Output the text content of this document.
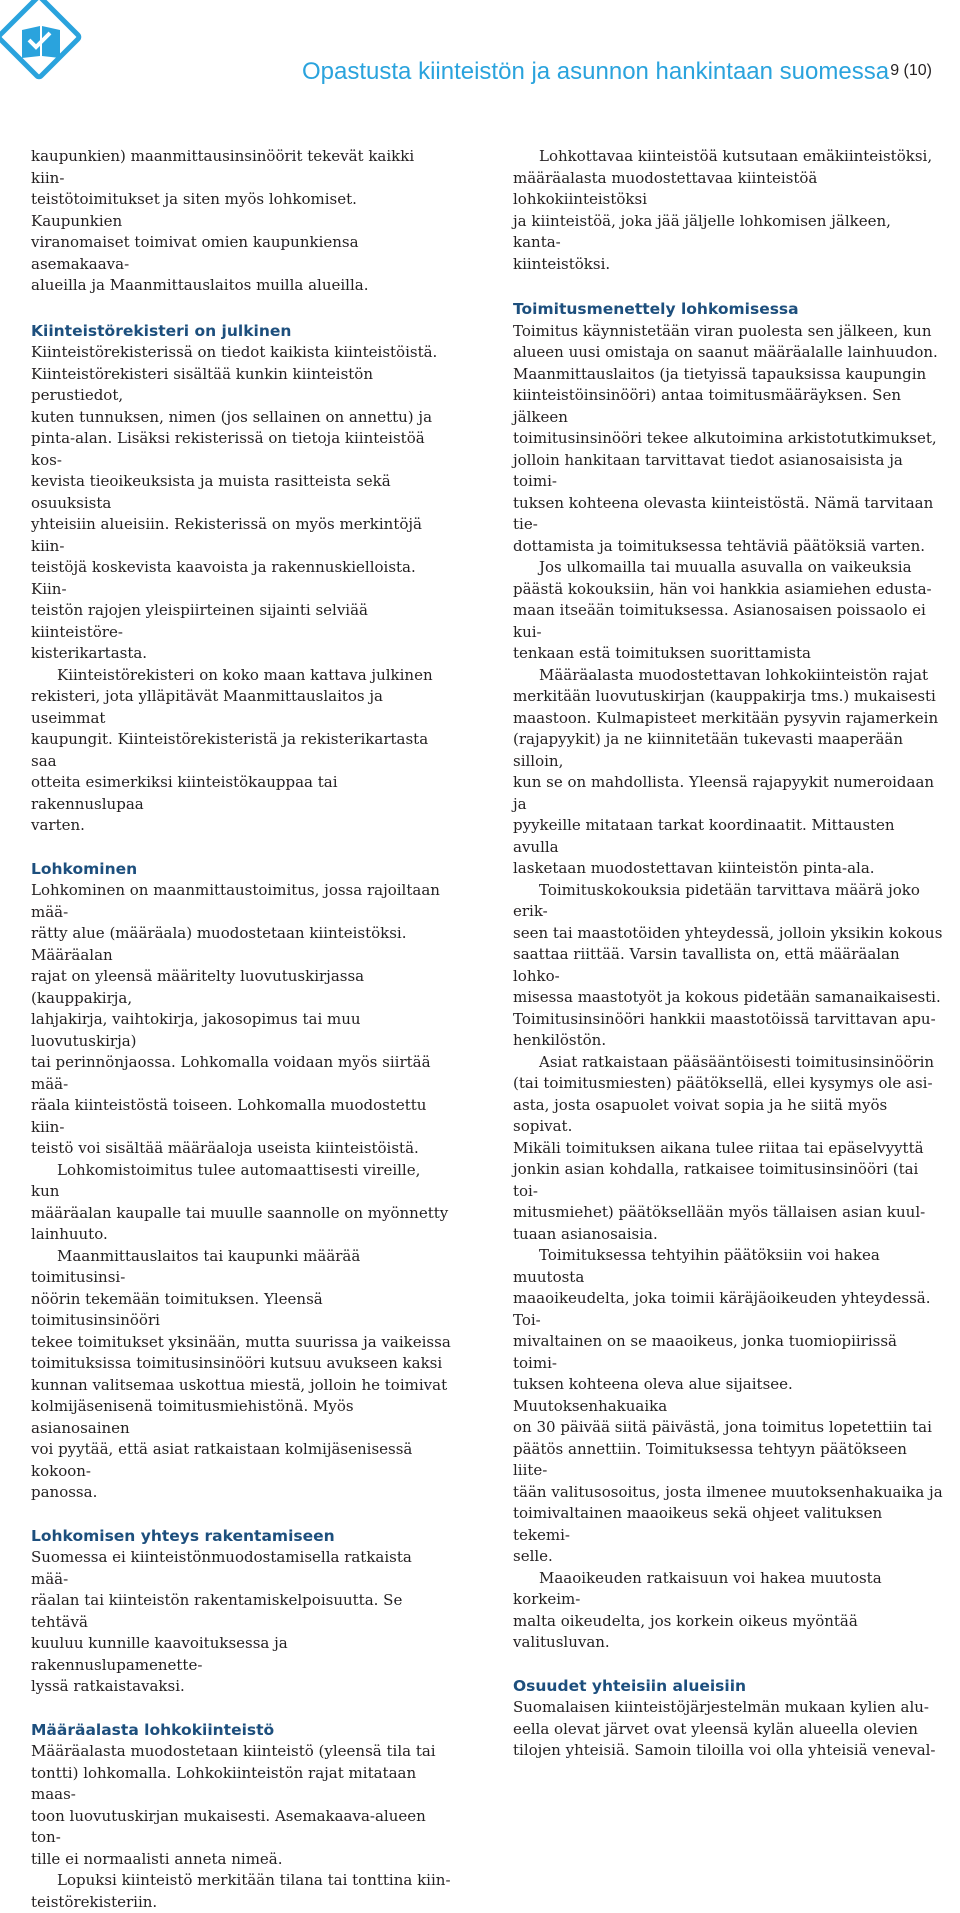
Opastusta kiinteistön ja asunnon hankintaan suomessa 9 (10)

kaupunkien) maanmittausinsinöörit tekevät kaikki kiin-
teistötoimitukset ja siten myös lohkomiset. Kaupunkien
viranomaiset toimivat omien kaupunkiensa asemakaava-
alueilla ja Maanmittauslaitos muilla alueilla.

Kiinteistörekisteri on julkinen

Kiinteistörekisterissä on tiedot kaikista kiinteistöistä.
Kiinteistörekisteri sisältää kunkin kiinteistön perustiedot,
kuten tunnuksen, nimen (jos sellainen on annettu) ja
pinta-alan. Lisäksi rekisterissä on tietoja kiinteistöä kos-
kevista tieoikeuksista ja muista rasitteista sekä osuuksista
yhteisiin alueisiin. Rekisterissä on myös merkintöjä kiin-
teistöjä koskevista kaavoista ja rakennuskielloista. Kiin-
teistön rajojen yleispiirteinen sijainti selviää kiinteistöre-
kisterikartasta.

Kiinteistörekisteri on koko maan kattava julkinen
rekisteri, jota ylläpitävät Maanmittauslaitos ja useimmat
kaupungit. Kiinteistörekisteristä ja rekisterikartasta saa
otteita esimerkiksi kiinteistökauppaa tai rakennuslupaa
varten.

Lohkominen

Lohkominen on maanmittaustoimitus, jossa rajoiltaan mää-
rätty alue (määräala) muodostetaan kiinteistöksi. Määräalan
rajat on yleensä määritelty luovutuskirjassa (kauppakirja,
lahjakirja, vaihtokirja, jakosopimus tai muu luovutuskirja)
tai perinnönjaossa. Lohkomalla voidaan myös siirtää mää-
räala kiinteistöstä toiseen. Lohkomalla muodostettu kiin-
teistö voi sisältää määräaloja useista kiinteistöistä.

Lohkomistoimitus tulee automaattisesti vireille, kun
määräalan kaupalle tai muulle saannolle on myönnetty
lainhuuto.

Maanmittauslaitos tai kaupunki määrää toimitusinsi-
nöörin tekemään toimituksen. Yleensä toimitusinsinööri
tekee toimitukset yksinään, mutta suurissa ja vaikeissa
toimituksissa toimitusinsinööri kutsuu avukseen kaksi
kunnan valitsemaa uskottua miestä, jolloin he toimivat
kolmijäsenisenä toimitusmiehistönä. Myös asianosainen
voi pyytää, että asiat ratkaistaan kolmijäsenisessä kokoon-
panossa.

Lohkomisen yhteys rakentamiseen

Suomessa ei kiinteistönmuodostamisella ratkaista mää-
räalan tai kiinteistön rakentamiskelpoisuutta. Se tehtävä
kuuluu kunnille kaavoituksessa ja rakennuslupamenette-
lyssä ratkaistavaksi.

Määräalasta lohkokiinteistö

Määräalasta muodostetaan kiinteistö (yleensä tila tai
tontti) lohkomalla. Lohkokiinteistön rajat mitataan maas-
toon luovutuskirjan mukaisesti. Asemakaava-alueen ton-
tille ei normaalisti anneta nimeä.

Lopuksi kiinteistö merkitään tilana tai tonttina kiin-
teistörekisteriin.

Lohkottavaa kiinteistöä kutsutaan emäkiinteistöksi,
määräalasta muodostettavaa kiinteistöä lohkokiinteistöksi
ja kiinteistöä, joka jää jäljelle lohkomisen jälkeen, kanta-
kiinteistöksi.

Toimitusmenettely lohkomisessa

Toimitus käynnistetään viran puolesta sen jälkeen, kun
alueen uusi omistaja on saanut määräalalle lainhuudon.
Maanmittauslaitos (ja tietyissä tapauksissa kaupungin
kiinteistöinsinööri) antaa toimitusmääräyksen. Sen jälkeen
toimitusinsinööri tekee alkutoimina arkistotutkimukset,
jolloin hankitaan tarvittavat tiedot asianosaisista ja toimi-
tuksen kohteena olevasta kiinteistöstä. Nämä tarvitaan tie-
dottamista ja toimituksessa tehtäviä päätöksiä varten.

Jos ulkomailla tai muualla asuvalla on vaikeuksia
päästä kokouksiin, hän voi hankkia asiamiehen edusta-
maan itseään toimituksessa. Asianosaisen poissaolo ei kui-
tenkaan estä toimituksen suorittamista

Määräalasta muodostettavan lohkokiinteistön rajat
merkitään luovutuskirjan (kauppakirja tms.) mukaisesti
maastoon. Kulmapisteet merkitään pysyvin rajamerkein
(rajapyykit) ja ne kiinnitetään tukevasti maaperään silloin,
kun se on mahdollista. Yleensä rajapyykit numeroidaan ja
pyykeille mitataan tarkat koordinaatit. Mittausten avulla
lasketaan muodostettavan kiinteistön pinta-ala.

Toimituskokouksia pidetään tarvittava määrä joko erik-
seen tai maastotöiden yhteydessä, jolloin yksikin kokous
saattaa riittää. Varsin tavallista on, että määräalan lohko-
misessa maastotyöt ja kokous pidetään samanaikaisesti.
Toimitusinsinööri hankkii maastotöissä tarvittavan apu-
henkilöstön.

Asiat ratkaistaan pääsääntöisesti toimitusinsinöörin
(tai toimitusmiesten) päätöksellä, ellei kysymys ole asi-
asta, josta osapuolet voivat sopia ja he siitä myös sopivat.
Mikäli toimituksen aikana tulee riitaa tai epäselvyyttä
jonkin asian kohdalla, ratkaisee toimitusinsinööri (tai toi-
mitusmiehet) päätöksellään myös tällaisen asian kuul-
tuaan asianosaisia.

Toimituksessa tehtyihin päätöksiin voi hakea muutosta
maaoikeudelta, joka toimii käräjäoikeuden yhteydessä. Toi-
mivaltainen on se maaoikeus, jonka tuomiopiirissä toimi-
tuksen kohteena oleva alue sijaitsee. Muutoksenhakuaika
on 30 päivää siitä päivästä, jona toimitus lopetettiin tai
päätös annettiin. Toimituksessa tehtyyn päätökseen liite-
tään valitusosoitus, josta ilmenee muutoksenhakuaika ja
toimivaltainen maaoikeus sekä ohjeet valituksen tekemi-
selle.

Maaoikeuden ratkaisuun voi hakea muutosta korkeim-
malta oikeudelta, jos korkein oikeus myöntää valitusluvan.

Osuudet yhteisiin alueisiin

Suomalaisen kiinteistöjärjestelmän mukaan kylien alu-
eella olevat järvet ovat yleensä kylän alueella olevien
tilojen yhteisiä. Samoin tiloilla voi olla yhteisiä veneval-
